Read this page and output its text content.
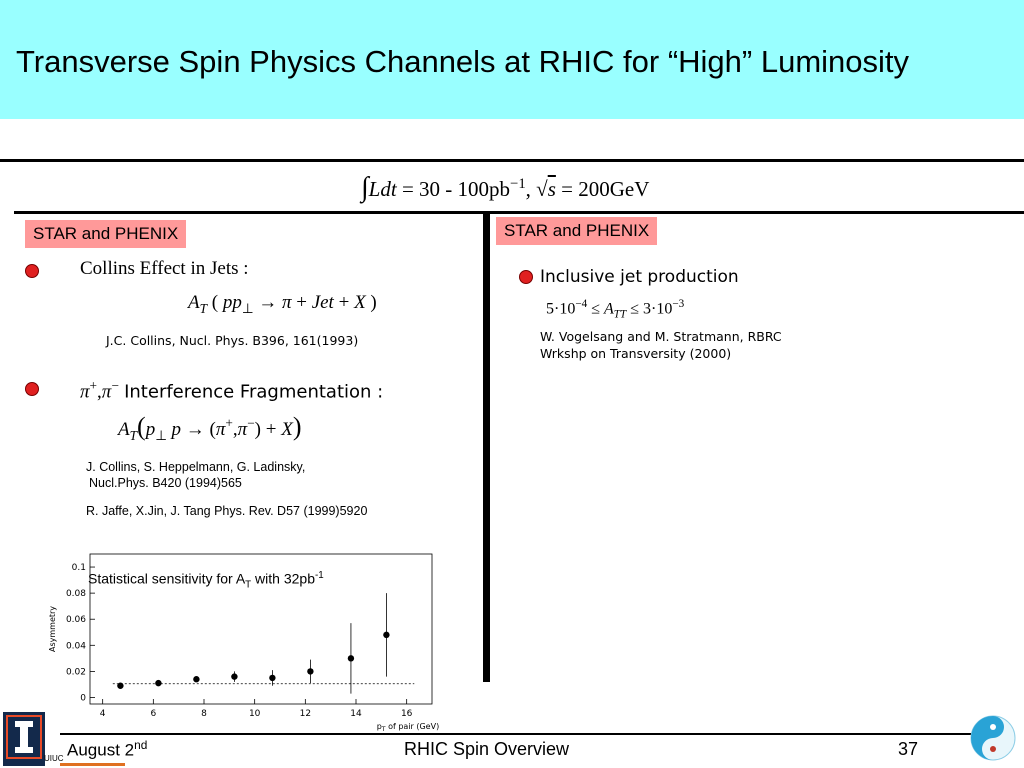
Transverse Spin Physics Channels at RHIC for “High” Luminosity
$\int Ldt = 30 - 100pb^{-1}$, √s = 200GeV
STAR and PHENIX
Collins Effect in Jets :
$A_T$ ( $pp_\perp \to \pi$ + Jet + X )
J.C. Collins, Nucl. Phys. B396, 161(1993)
π+,π− Interference Fragmentation :
$A_T(p_\perp$ p → (π+,π−) + X)
J. Collins, S. Heppelmann, G. Ladinsky,
Nucl.Phys. B420 (1994)565
R. Jaffe, X.Jin, J. Tang Phys. Rev. D57 (1999)5920
Asymmetry
$p_T$ of pair (GeV)
4	6	8	10	12	14	16
0
0.02
0.04
0.06
0.08
0.1
Statistical sensitivity for $A_T$ with $32pb^{-1}$
STAR and PHENIX
Inclusive jet production
$5\cdot 10^{-4} \le A_{TT} \le 3\cdot 10^{-3}$
W. Vogelsang and M. Stratmann, RBRC
Wrkshp on Transversity (2000)
UIUC August 2nd	RHIC Spin Overview	37
